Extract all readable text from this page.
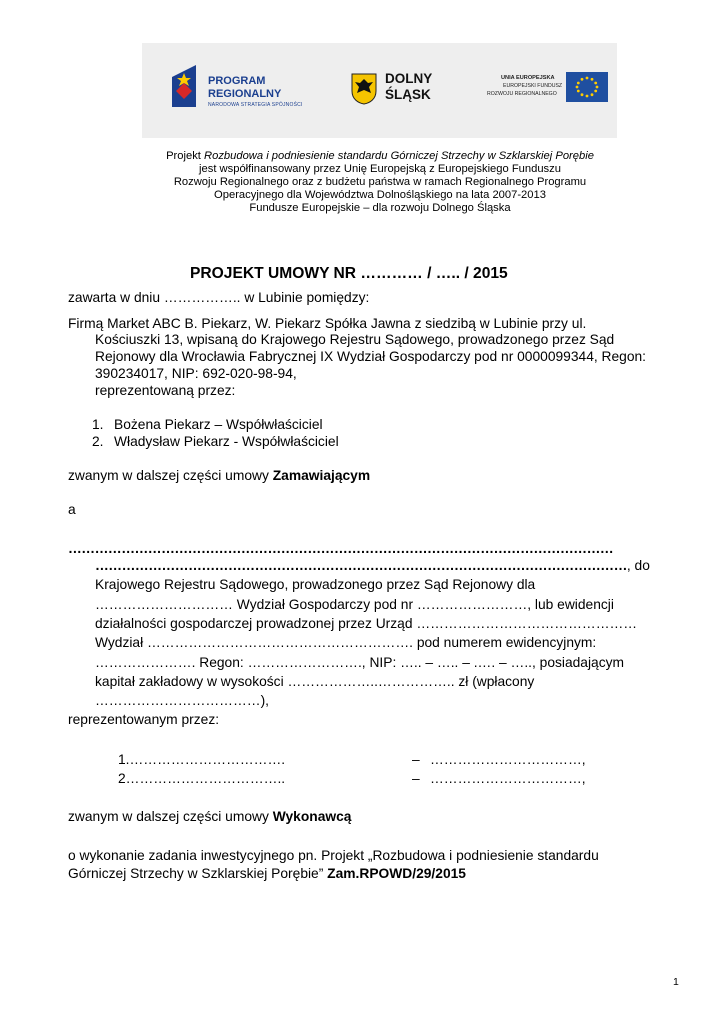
PROGRAM
REGIONALNY
NARODOWA STRATEGIA SPÓJNOŚCI
DOLNY
ŚLĄSK
UNIA EUROPEJSKA
EUROPEJSKI FUNDUSZ
ROZWOJU REGIONALNEGO
Projekt Rozbudowa i podniesienie standardu Górniczej Strzechy w Szklarskiej Porębie
jest współfinansowany przez Unię Europejską z Europejskiego Funduszu
Rozwoju Regionalnego oraz z budżetu państwa w ramach Regionalnego Programu
Operacyjnego dla Województwa Dolnośląskiego na lata 2007-2013
Fundusze Europejskie – dla rozwoju Dolnego Śląska
PROJEKT UMOWY NR ………… / ….. / 2015
zawarta w dniu …………….. w Lubinie pomiędzy:
Firmą Market ABC B. Piekarz, W. Piekarz Spółka Jawna z siedzibą w Lubinie przy ul.
Kościuszki 13, wpisaną do Krajowego Rejestru Sądowego, prowadzonego przez Sąd
Rejonowy dla Wrocławia Fabrycznej IX Wydział Gospodarczy pod nr 0000099344, Regon:
390234017, NIP: 692-020-98-94,
reprezentowaną przez:
1. Bożena Piekarz – Współwłaściciel
2. Władysław Piekarz - Współwłaściciel
zwanym w dalszej części umowy Zamawiającym
a
……………………………………………………………………………………………………………
…………………………………………………………………………………………………………, do
Krajowego Rejestru Sądowego, prowadzonego przez Sąd Rejonowy dla
………………………… Wydział Gospodarczy pod nr ……………………, lub ewidencji
działalności gospodarczej prowadzonej przez Urząd …………………………………………
Wydział …………………………………………………. pod numerem ewidencyjnym:
…………………. Regon: ……………………., NIP: ….. – ….. – .…. – ….., posiadającym
kapitał zakładowy w wysokości ………………..…………….. zł (wpłacony
………………………………),
reprezentowanym przez:
1.…………………………….	– ……………………………,
2……………………………..	– ……………………………,
zwanym w dalszej części umowy Wykonawcą
o wykonanie zadania inwestycyjnego pn. Projekt „Rozbudowa i podniesienie standardu
Górniczej Strzechy w Szklarskiej Porębie” Zam.RPOWD/29/2015
1
